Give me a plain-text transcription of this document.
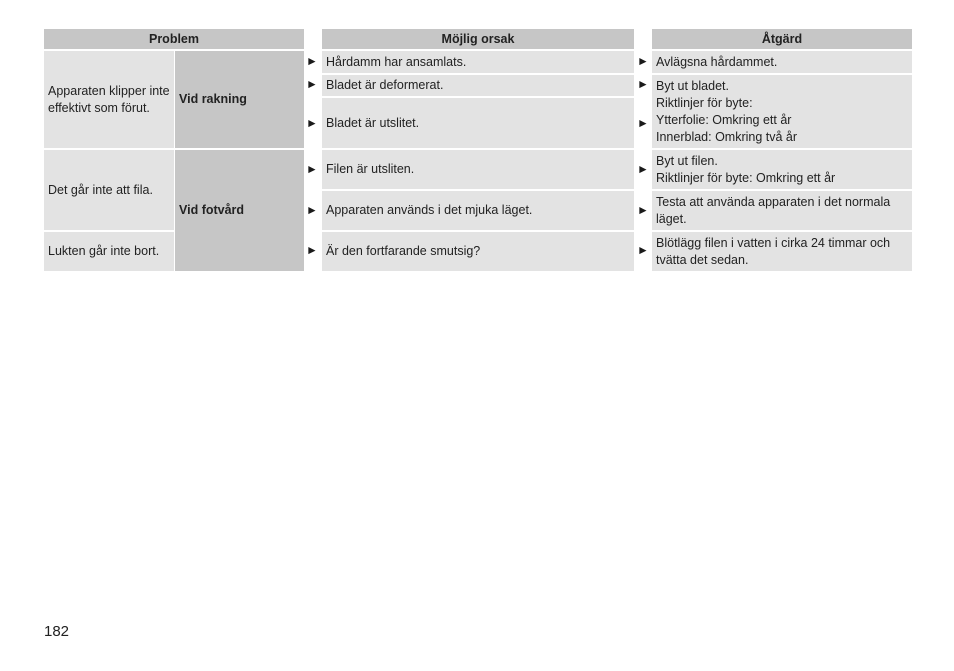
Problem	Möjlig orsak	Åtgärd
Apparaten klipper inte effektivt som förut.
Det går inte att fila.
Lukten går inte bort.
Vid rakning
Vid fotvård
►
►
►
►
►
►
Hårdamm har ansamlats.
Bladet är deformerat.
Bladet är utslitet.
Filen är utsliten.
Apparaten används i det mjuka läget.
Är den fortfarande smutsig?
►
►
►
►
►
►
Avlägsna hårdammet.
Byt ut bladet.
Riktlinjer för byte:
Ytterfolie: Omkring ett år
Innerblad: Omkring två år
Byt ut filen.
Riktlinjer för byte: Omkring ett år
Testa att använda apparaten i det normala läget.
Blötlägg filen i vatten i cirka 24 timmar och tvätta det sedan.
182
